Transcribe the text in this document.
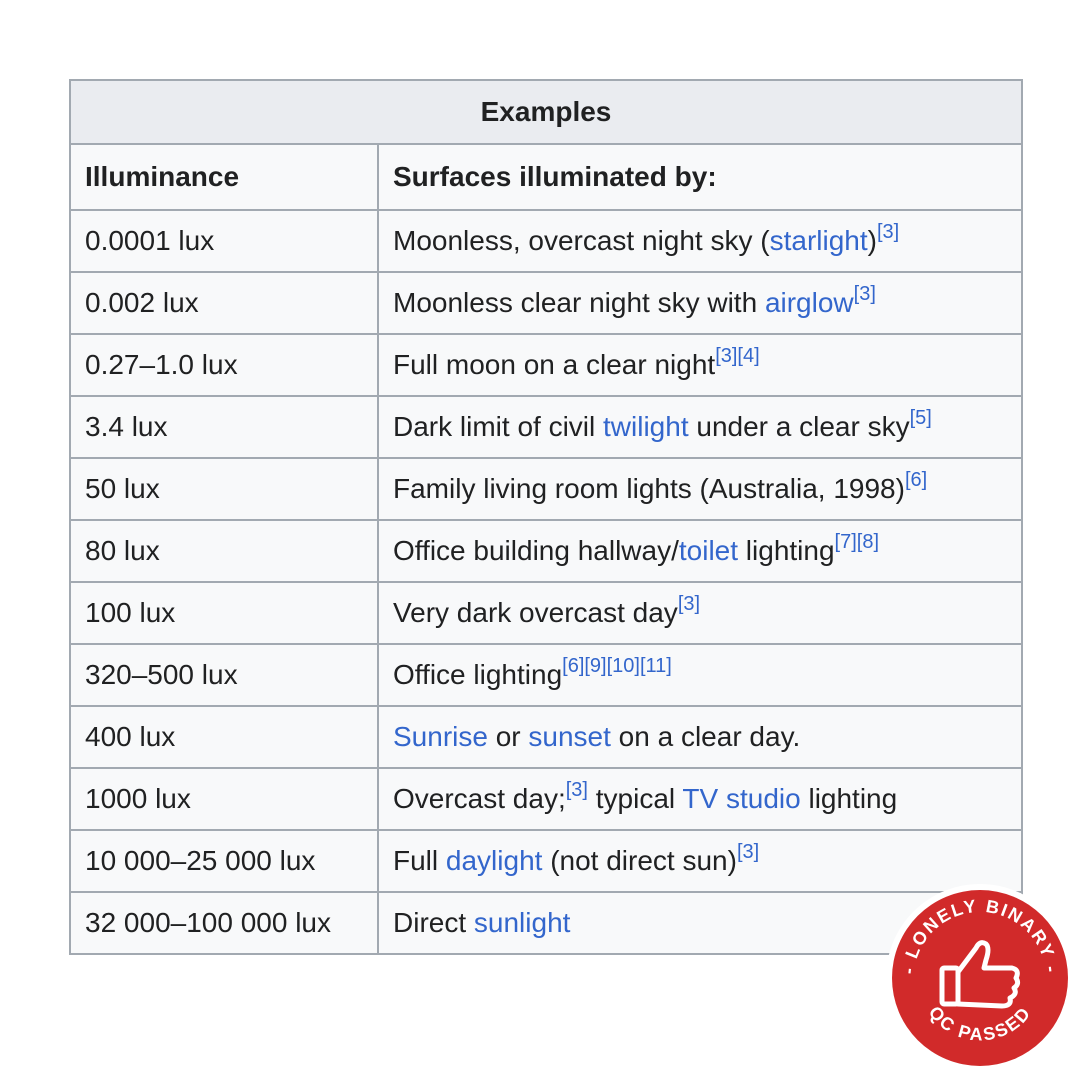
Examples	
Illuminance	Surfaces illuminated by:
0.0001 lux	Moonless, overcast night sky (starlight)[3]
0.002 lux	Moonless clear night sky with airglow[3]
0.27–1.0 lux	Full moon on a clear night[3][4]
3.4 lux	Dark limit of civil twilight under a clear sky[5]
50 lux	Family living room lights (Australia, 1998)[6]
80 lux	Office building hallway/toilet lighting[7][8]
100 lux	Very dark overcast day[3]
320–500 lux	Office lighting[6][9][10][11]
400 lux	Sunrise or sunset on a clear day.
1000 lux	Overcast day;[3] typical TV studio lighting
10 000–25 000 lux	Full daylight (not direct sun)[3]
32 000–100 000 lux	Direct sunlight
- LONELY BINARY -
QC PASSED
